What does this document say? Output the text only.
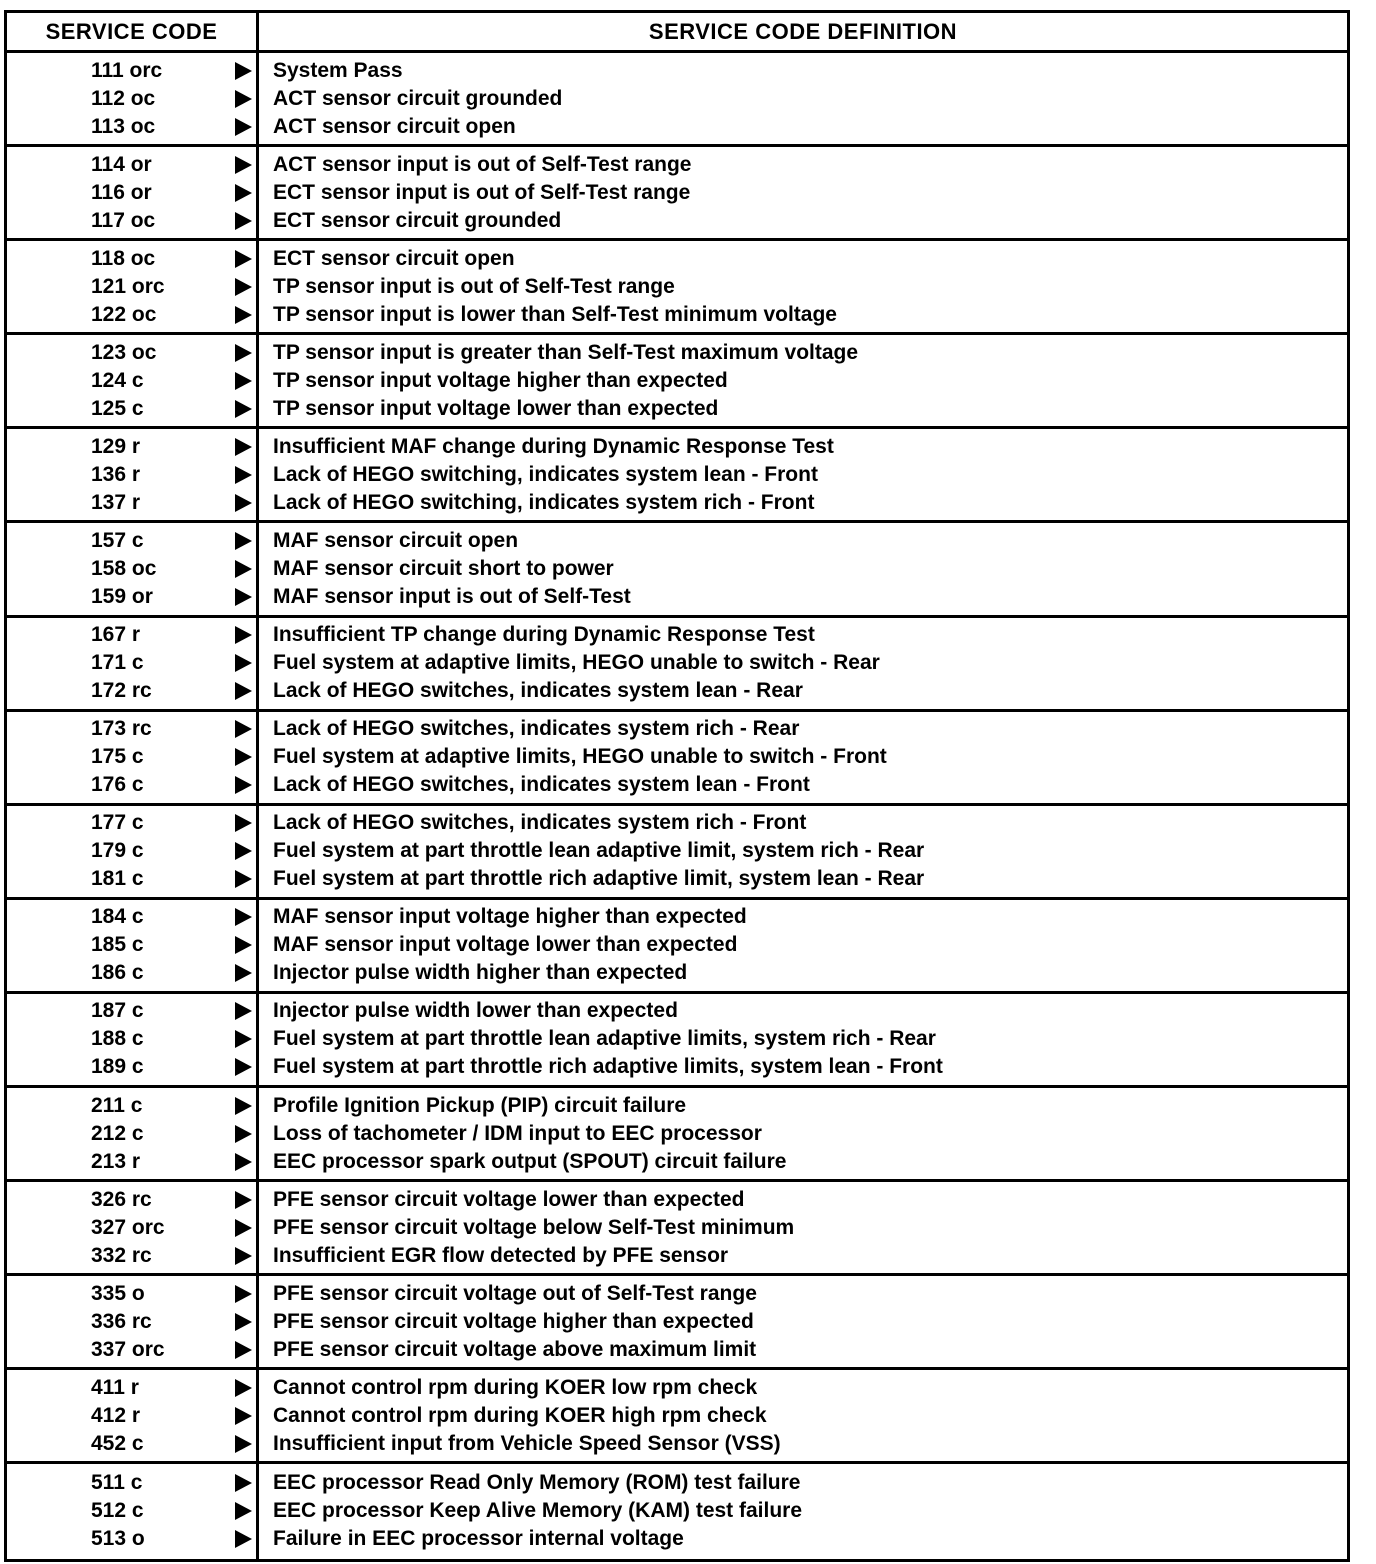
SERVICE CODE	SERVICE CODE DEFINITION
111 orc
112 oc
113 oc
System Pass
ACT sensor circuit grounded
ACT sensor circuit open
114 or
116 or
117 oc
ACT sensor input is out of Self-Test range
ECT sensor input is out of Self-Test range
ECT sensor circuit grounded
118 oc
121 orc
122 oc
ECT sensor circuit open
TP sensor input is out of Self-Test range
TP sensor input is lower than Self-Test minimum voltage
123 oc
124 c
125 c
TP sensor input is greater than Self-Test maximum voltage
TP sensor input voltage higher than expected
TP sensor input voltage lower than expected
129 r
136 r
137 r
Insufficient MAF change during Dynamic Response Test
Lack of HEGO switching, indicates system lean - Front
Lack of HEGO switching, indicates system rich - Front
157 c
158 oc
159 or
MAF sensor circuit open
MAF sensor circuit short to power
MAF sensor input is out of Self-Test
167 r
171 c
172 rc
Insufficient TP change during Dynamic Response Test
Fuel system at adaptive limits, HEGO unable to switch - Rear
Lack of HEGO switches, indicates system lean - Rear
173 rc
175 c
176 c
Lack of HEGO switches, indicates system rich - Rear
Fuel system at adaptive limits, HEGO unable to switch - Front
Lack of HEGO switches, indicates system lean - Front
177 c
179 c
181 c
Lack of HEGO switches, indicates system rich - Front
Fuel system at part throttle lean adaptive limit, system rich - Rear
Fuel system at part throttle rich adaptive limit, system lean - Rear
184 c
185 c
186 c
MAF sensor input voltage higher than expected
MAF sensor input voltage lower than expected
Injector pulse width higher than expected
187 c
188 c
189 c
Injector pulse width lower than expected
Fuel system at part throttle lean adaptive limits, system rich - Rear
Fuel system at part throttle rich adaptive limits, system lean - Front
211 c
212 c
213 r
Profile Ignition Pickup (PIP) circuit failure
Loss of tachometer / IDM input to EEC processor
EEC processor spark output (SPOUT) circuit failure
326 rc
327 orc
332 rc
PFE sensor circuit voltage lower than expected
PFE sensor circuit voltage below Self-Test minimum
Insufficient EGR flow detected by PFE sensor
335 o
336 rc
337 orc
PFE sensor circuit voltage out of Self-Test range
PFE sensor circuit voltage higher than expected
PFE sensor circuit voltage above maximum limit
411 r
412 r
452 c
Cannot control rpm during KOER low rpm check
Cannot control rpm during KOER high rpm check
Insufficient input from Vehicle Speed Sensor (VSS)
511 c
512 c
513 o
EEC processor Read Only Memory (ROM) test failure
EEC processor Keep Alive Memory (KAM) test failure
Failure in EEC processor internal voltage
